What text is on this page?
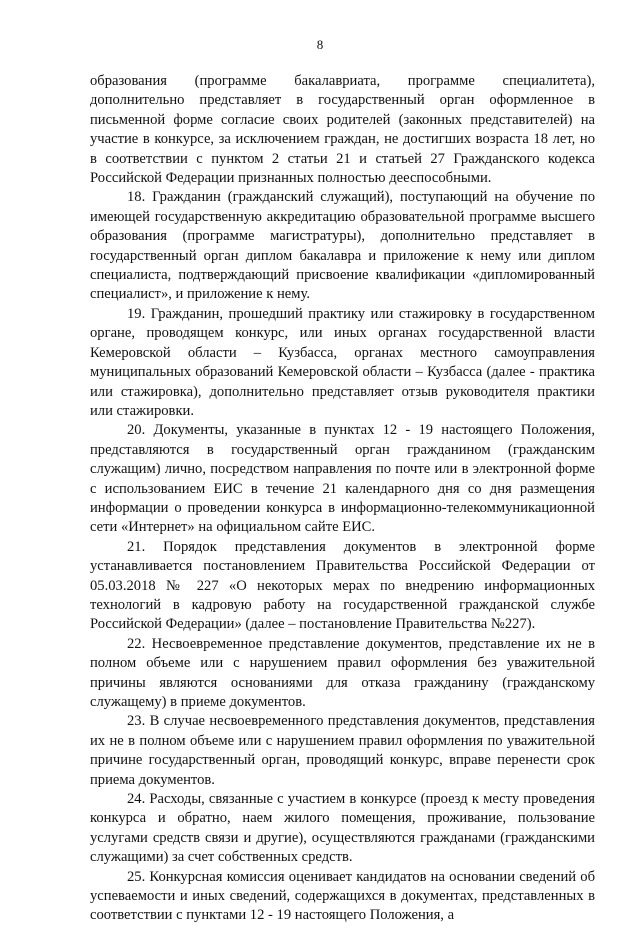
8

образования (программе бакалавриата, программе специалитета), дополнительно представляет в государственный орган оформленное в письменной форме согласие своих родителей (законных представителей) на участие в конкурсе, за исключением граждан, не достигших возраста 18 лет, но в соответствии с пунктом 2 статьи 21 и статьей 27 Гражданского кодекса Российской Федерации признанных полностью дееспособными.

18. Гражданин (гражданский служащий), поступающий на обучение по имеющей государственную аккредитацию образовательной программе высшего образования (программе магистратуры), дополнительно представляет в государственный орган диплом бакалавра и приложение к нему или диплом специалиста, подтверждающий присвоение квалификации «дипломированный специалист», и приложение к нему.

19. Гражданин, прошедший практику или стажировку в государственном органе, проводящем конкурс, или иных органах государственной власти Кемеровской области – Кузбасса, органах местного самоуправления муниципальных образований Кемеровской области – Кузбасса (далее - практика или стажировка), дополнительно представляет отзыв руководителя практики или стажировки.

20. Документы, указанные в пунктах 12 - 19 настоящего Положения, представляются в государственный орган гражданином (гражданским служащим) лично, посредством направления по почте или в электронной форме с использованием ЕИС в течение 21 календарного дня со дня размещения информации о проведении конкурса в информационно-телекоммуникационной сети «Интернет» на официальном сайте ЕИС.

21. Порядок представления документов в электронной форме устанавливается постановлением Правительства Российской Федерации от 05.03.2018 № 227 «О некоторых мерах по внедрению информационных технологий в кадровую работу на государственной гражданской службе Российской Федерации» (далее – постановление Правительства №227).

22. Несвоевременное представление документов, представление их не в полном объеме или с нарушением правил оформления без уважительной причины являются основаниями для отказа гражданину (гражданскому служащему) в приеме документов.

23. В случае несвоевременного представления документов, представления их не в полном объеме или с нарушением правил оформления по уважительной причине государственный орган, проводящий конкурс, вправе перенести срок приема документов.

24. Расходы, связанные с участием в конкурсе (проезд к месту проведения конкурса и обратно, наем жилого помещения, проживание, пользование услугами средств связи и другие), осуществляются гражданами (гражданскими служащими) за счет собственных средств.

25. Конкурсная комиссия оценивает кандидатов на основании сведений об успеваемости и иных сведений, содержащихся в документах, представленных в соответствии с пунктами 12 - 19 настоящего Положения, а
